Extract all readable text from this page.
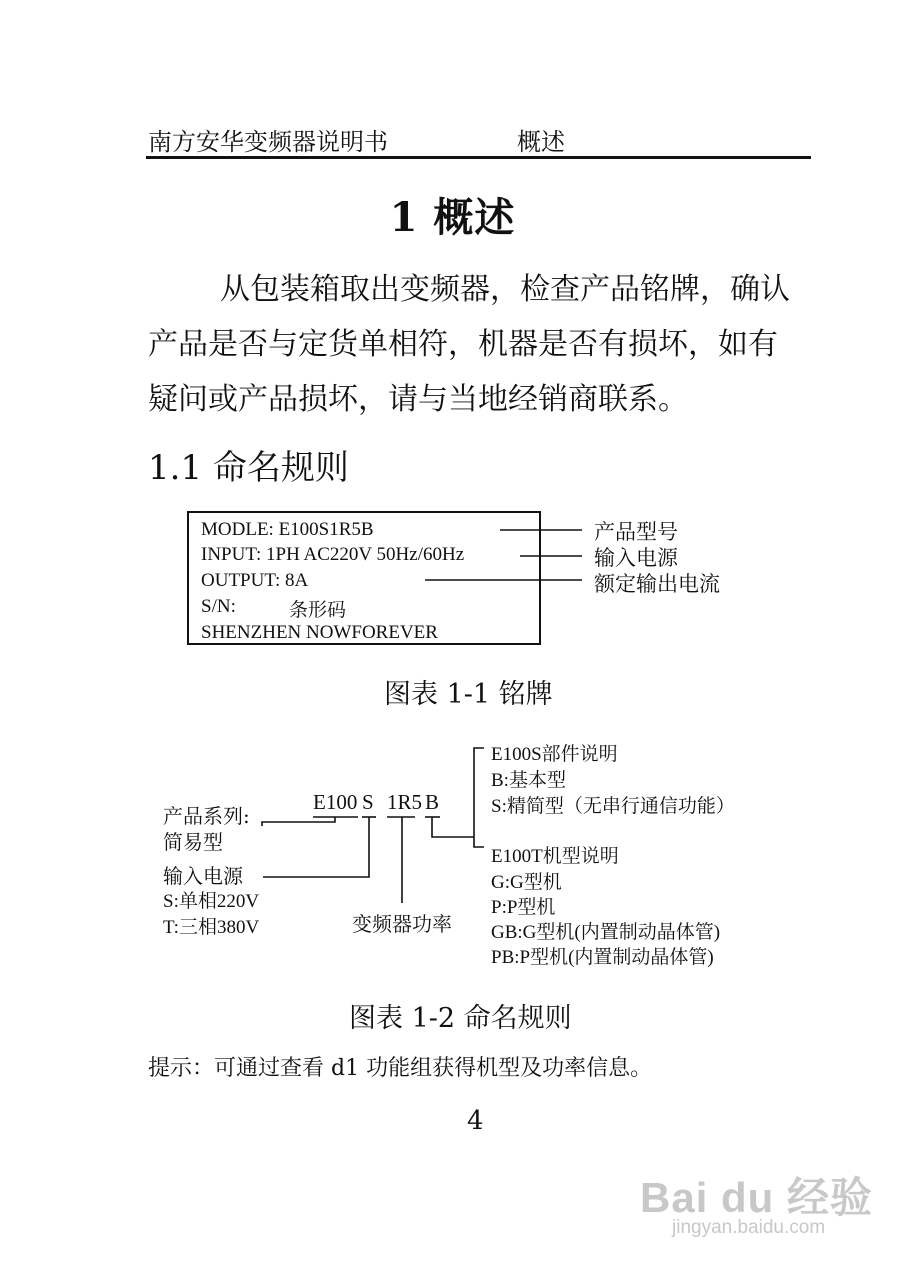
南方安华变频器说明书	概述
1 概述
从包装箱取出变频器，检查产品铭牌，确认
产品是否与定货单相符，机器是否有损坏，如有
疑问或产品损坏，请与当地经销商联系。
1.1 命名规则
MODLE: E100S1R5B
INPUT: 1PH AC220V 50Hz/60Hz
OUTPUT: 8A
S/N:	条形码
SHENZHEN NOWFOREVER
产品型号
输入电源
额定输出电流
图表 1-1 铭牌
E100 S 1R5 B
产品系列:
简易型
输入电源
S:单相220V
T:三相380V	变频器功率
E100S部件说明
B:基本型
S:精简型（无串行通信功能）
E100T机型说明
G:G型机
P:P型机
GB:G型机(内置制动晶体管)
PB:P型机(内置制动晶体管)
图表 1-2 命名规则
提示：可通过查看 d1 功能组获得机型及功率信息。
4
Bai du 经验
jingyan.baidu.com
